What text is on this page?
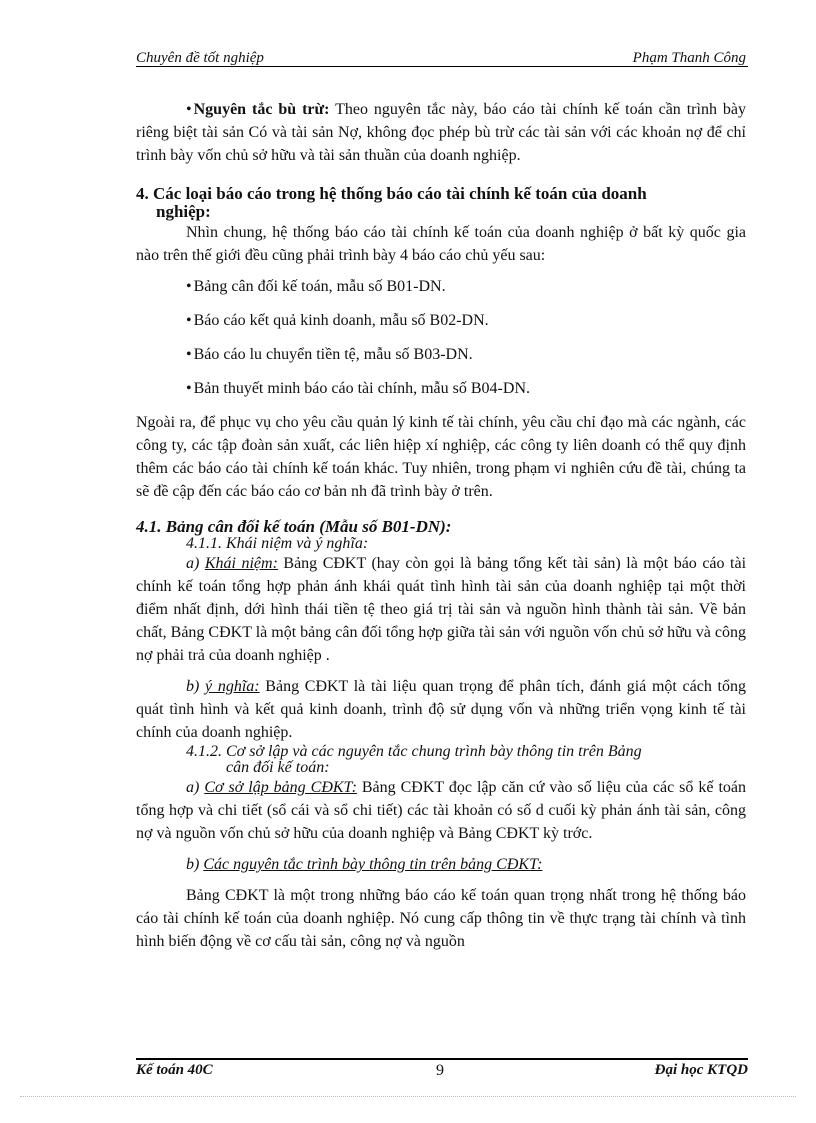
Chuyên đề tốt nghiệp	Phạm Thanh Công

• Nguyên tắc bù trừ: Theo nguyên tắc này, báo cáo tài chính kế toán cần trình bày riêng biệt tài sản Có và tài sản Nợ, không đọc phép bù trừ các tài sản với các khoản nợ để chỉ trình bày vốn chủ sở hữu và tài sản thuần của doanh nghiệp.

4. Các loại báo cáo trong hệ thống báo cáo tài chính kế toán của doanh
nghiệp:

Nhìn chung, hệ thống báo cáo tài chính kế toán của doanh nghiệp ở bất kỳ quốc gia nào trên thế giới đều cũng phải trình bày 4 báo cáo chủ yếu sau:

• Bảng cân đối kế toán, mẫu số B01-DN.

• Báo cáo kết quả kinh doanh, mẫu số B02-DN.

• Báo cáo lu chuyển tiền tệ, mẫu số B03-DN.

• Bản thuyết minh báo cáo tài chính, mẫu số B04-DN.

Ngoài ra, để phục vụ cho yêu cầu quản lý kinh tế tài chính, yêu cầu chỉ đạo mà các ngành, các công ty, các tập đoàn sản xuất, các liên hiệp xí nghiệp, các công ty liên doanh có thể quy định thêm các báo cáo tài chính kế toán khác. Tuy nhiên, trong phạm vi nghiên cứu đề tài, chúng ta sẽ đề cập đến các báo cáo cơ bản nh đã trình bày ở trên.

4.1. Bảng cân đối kế toán (Mẫu số B01-DN):
4.1.1. Khái niệm và ý nghĩa:

a) Khái niệm: Bảng CĐKT (hay còn gọi là bảng tổng kết tài sản) là một báo cáo tài chính kế toán tổng hợp phản ánh khái quát tình hình tài sản của doanh nghiệp tại một thời điểm nhất định, dới hình thái tiền tệ theo giá trị tài sản và nguồn hình thành tài sản. Về bản chất, Bảng CĐKT là một bảng cân đối tổng hợp giữa tài sản với nguồn vốn chủ sở hữu và công nợ phải trả của doanh nghiệp .

b) ý nghĩa: Bảng CĐKT là tài liệu quan trọng để phân tích, đánh giá một cách tổng quát tình hình và kết quả kinh doanh, trình độ sử dụng vốn và những triển vọng kinh tế tài chính của doanh nghiệp.

4.1.2. Cơ sở lập và các nguyên tắc chung trình bày thông tin trên Bảng
cân đối kế toán:

a) Cơ sở lập bảng CĐKT: Bảng CĐKT đọc lập căn cứ vào số liệu của các sổ kế toán tổng hợp và chi tiết (sổ cái và sổ chi tiết) các tài khoản có số d cuối kỳ phản ánh tài sản, công nợ và nguồn vốn chủ sở hữu của doanh nghiệp và Bảng CĐKT kỳ trớc.

b) Các nguyên tắc trình bày thông tin trên bảng CĐKT:

Bảng CĐKT là một trong những báo cáo kế toán quan trọng nhất trong hệ thống báo cáo tài chính kế toán của doanh nghiệp. Nó cung cấp thông tin về thực trạng tài chính và tình hình biến động về cơ cấu tài sản, công nợ và nguồn

Kế toán 40C	9	Đại học KTQD
